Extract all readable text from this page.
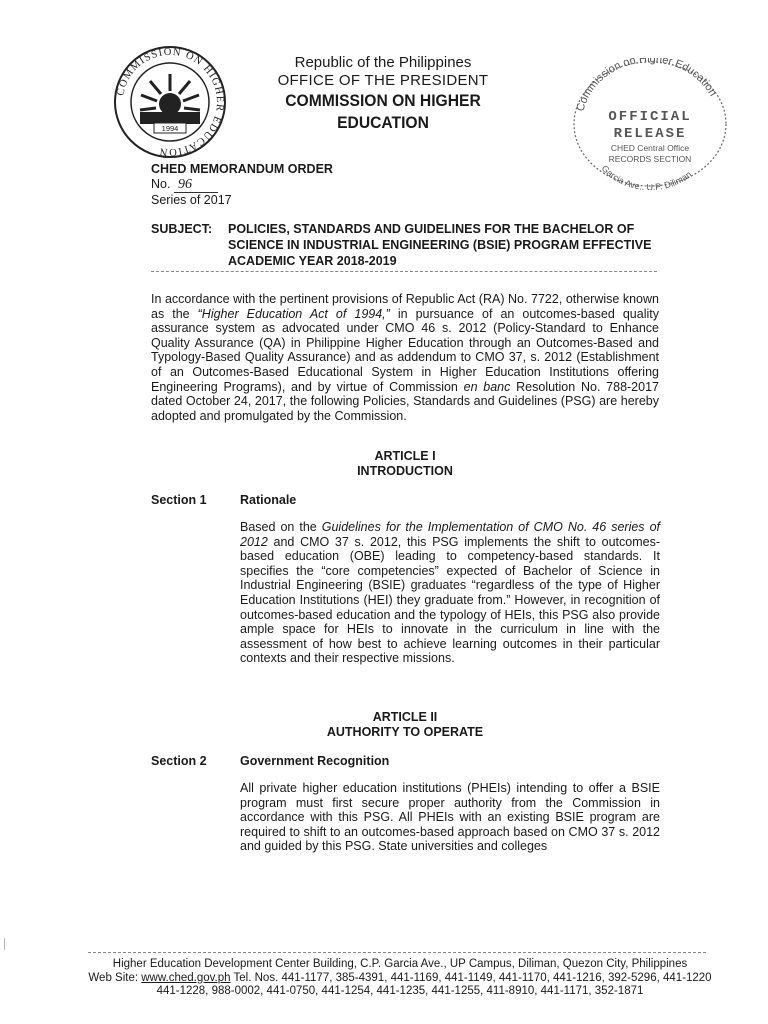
COMMISSION ON HIGHER EDUCATION
1994
Republic of the Philippines
OFFICE OF THE PRESIDENT
COMMISSION ON HIGHER EDUCATION
Commission on Higher Education
OFFICIAL
RELEASE
CHED Central Office
RECORDS SECTION
Garcia Ave., U.P. Diliman
CHED MEMORANDUM ORDER
No. 96
Series of 2017
SUBJECT: POLICIES, STANDARDS AND GUIDELINES FOR THE BACHELOR OF SCIENCE IN INDUSTRIAL ENGINEERING (BSIE) PROGRAM EFFECTIVE ACADEMIC YEAR 2018-2019
In accordance with the pertinent provisions of Republic Act (RA) No. 7722, otherwise known as the “Higher Education Act of 1994,” in pursuance of an outcomes-based quality assurance system as advocated under CMO 46 s. 2012 (Policy-Standard to Enhance Quality Assurance (QA) in Philippine Higher Education through an Outcomes-Based and Typology-Based Quality Assurance) and as addendum to CMO 37, s. 2012 (Establishment of an Outcomes-Based Educational System in Higher Education Institutions offering Engineering Programs), and by virtue of Commission en banc Resolution No. 788-2017 dated October 24, 2017, the following Policies, Standards and Guidelines (PSG) are hereby adopted and promulgated by the Commission.
ARTICLE I
INTRODUCTION
Section 1	Rationale
Based on the Guidelines for the Implementation of CMO No. 46 series of 2012 and CMO 37 s. 2012, this PSG implements the shift to outcomes-based education (OBE) leading to competency-based standards. It specifies the “core competencies” expected of Bachelor of Science in Industrial Engineering (BSIE) graduates “regardless of the type of Higher Education Institutions (HEI) they graduate from.” However, in recognition of outcomes-based education and the typology of HEIs, this PSG also provide ample space for HEIs to innovate in the curriculum in line with the assessment of how best to achieve learning outcomes in their particular contexts and their respective missions.
ARTICLE II
AUTHORITY TO OPERATE
Section 2	Government Recognition
All private higher education institutions (PHEIs) intending to offer a BSIE program must first secure proper authority from the Commission in accordance with this PSG. All PHEIs with an existing BSIE program are required to shift to an outcomes-based approach based on CMO 37 s. 2012 and guided by this PSG. State universities and colleges
Higher Education Development Center Building, C.P. Garcia Ave., UP Campus, Diliman, Quezon City, Philippines
Web Site: www.ched.gov.ph Tel. Nos. 441-1177, 385-4391, 441-1169, 441-1149, 441-1170, 441-1216, 392-5296, 441-1220
441-1228, 988-0002, 441-0750, 441-1254, 441-1235, 441-1255, 411-8910, 441-1171, 352-1871
